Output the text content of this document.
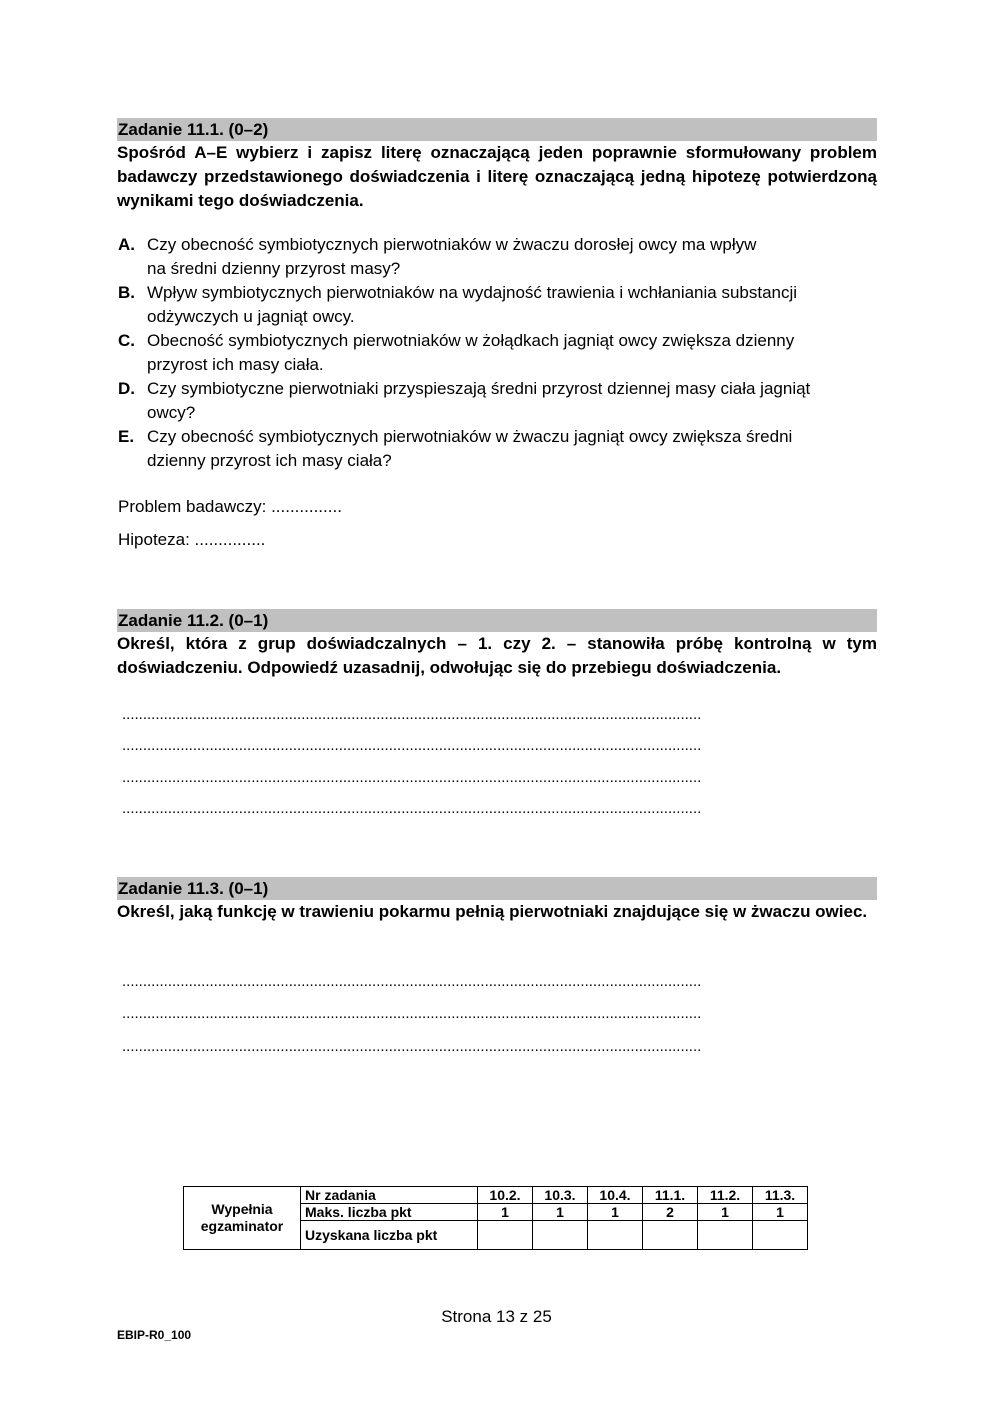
Zadanie 11.1. (0–2)
Spośród A–E wybierz i zapisz literę oznaczającą jeden poprawnie sformułowany problem badawczy przedstawionego doświadczenia i literę oznaczającą jedną hipotezę potwierdzoną wynikami tego doświadczenia.
A. Czy obecność symbiotycznych pierwotniaków w żwaczu dorosłej owcy ma wpływ
na średni dzienny przyrost masy?
B. Wpływ symbiotycznych pierwotniaków na wydajność trawienia i wchłaniania substancji
odżywczych u jagniąt owcy.
C. Obecność symbiotycznych pierwotniaków w żołądkach jagniąt owcy zwiększa dzienny
przyrost ich masy ciała.
D. Czy symbiotyczne pierwotniaki przyspieszają średni przyrost dziennej masy ciała jagniąt
owcy?
E. Czy obecność symbiotycznych pierwotniaków w żwaczu jagniąt owcy zwiększa średni
dzienny przyrost ich masy ciała?
Problem badawczy: ...............
Hipoteza: ...............
Zadanie 11.2. (0–1)
Określ, która z grup doświadczalnych – 1. czy 2. – stanowiła próbę kontrolną w tym doświadczeniu. Odpowiedź uzasadnij, odwołując się do przebiegu doświadczenia.
...........................................................................................................................................
...........................................................................................................................................
...........................................................................................................................................
...........................................................................................................................................
Zadanie 11.3. (0–1)
Określ, jaką funkcję w trawieniu pokarmu pełnią pierwotniaki znajdujące się w żwaczu owiec.
...........................................................................................................................................
...........................................................................................................................................
...........................................................................................................................................
Wypełnia
egzaminator	Nr zadania	10.2.	10.3.	10.4.	11.1.	11.2.	11.3.
	Maks. liczba pkt	1	1	1	2	1	1
	Uzyskana liczba pkt						
Strona 13 z 25
EBIP-R0_100
